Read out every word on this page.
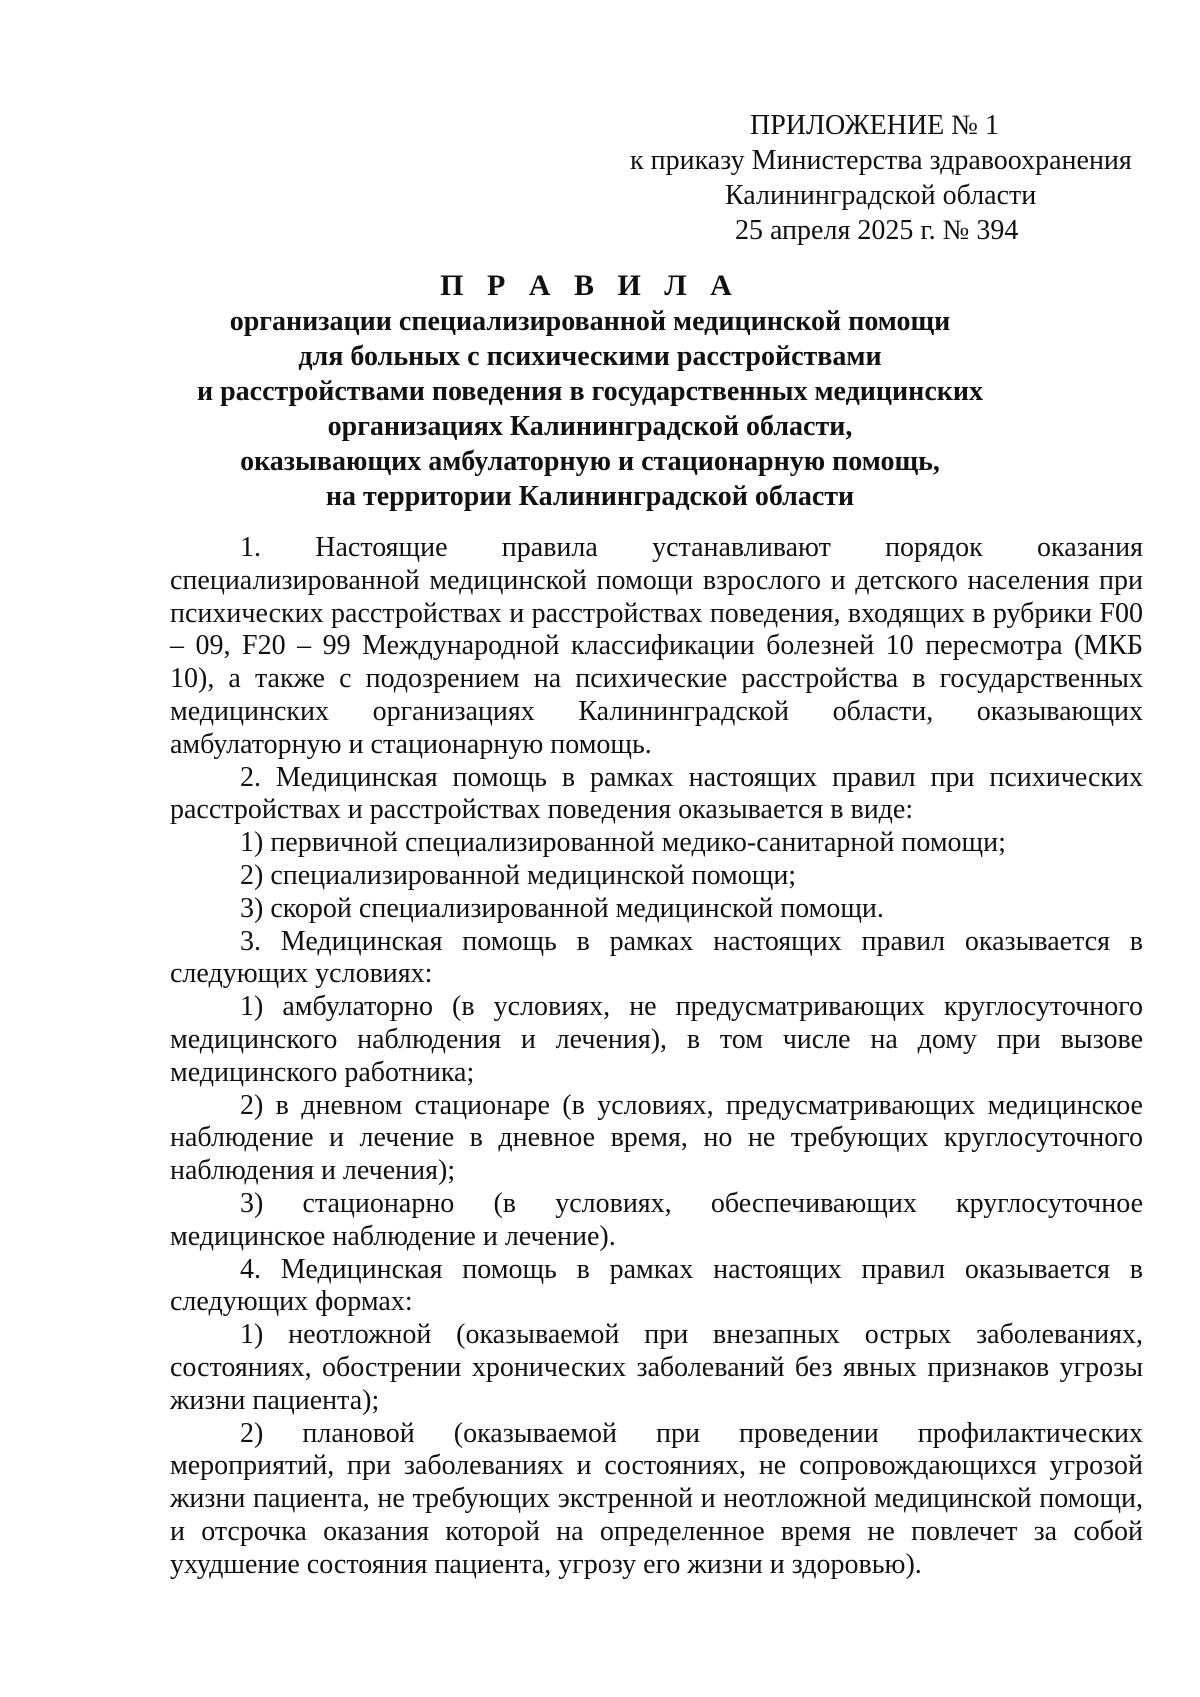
ПРИЛОЖЕНИЕ № 1
к приказу Министерства здравоохранения
Калининградской области
25 апреля 2025 г. № 394
П Р А В И Л А
организации специализированной медицинской помощи
для больных с психическими расстройствами
и расстройствами поведения в государственных медицинских
организациях Калининградской области,
оказывающих амбулаторную и стационарную помощь,
на территории Калининградской области

1. Настоящие правила устанавливают порядок оказания специализированной медицинской помощи взрослого и детского населения при психических расстройствах и расстройствах поведения, входящих в рубрики F00 – 09, F20 – 99 Международной классификации болезней 10 пересмотра (МКБ 10), а также с подозрением на психические расстройства в государственных медицинских организациях Калининградской области, оказывающих амбулаторную и стационарную помощь.

2. Медицинская помощь в рамках настоящих правил при психических расстройствах и расстройствах поведения оказывается в виде:

1) первичной специализированной медико-санитарной помощи;

2) специализированной медицинской помощи;

3) скорой специализированной медицинской помощи.

3. Медицинская помощь в рамках настоящих правил оказывается в следующих условиях:

1) амбулаторно (в условиях, не предусматривающих круглосуточного медицинского наблюдения и лечения), в том числе на дому при вызове медицинского работника;

2) в дневном стационаре (в условиях, предусматривающих медицинское наблюдение и лечение в дневное время, но не требующих круглосуточного наблюдения и лечения);

3) стационарно (в условиях, обеспечивающих круглосуточное медицинское наблюдение и лечение).

4. Медицинская помощь в рамках настоящих правил оказывается в следующих формах:

1) неотложной (оказываемой при внезапных острых заболеваниях, состояниях, обострении хронических заболеваний без явных признаков угрозы жизни пациента);

2) плановой (оказываемой при проведении профилактических мероприятий, при заболеваниях и состояниях, не сопровождающихся угрозой жизни пациента, не требующих экстренной и неотложной медицинской помощи, и отсрочка оказания которой на определенное время не повлечет за собой ухудшение состояния пациента, угрозу его жизни и здоровью).
